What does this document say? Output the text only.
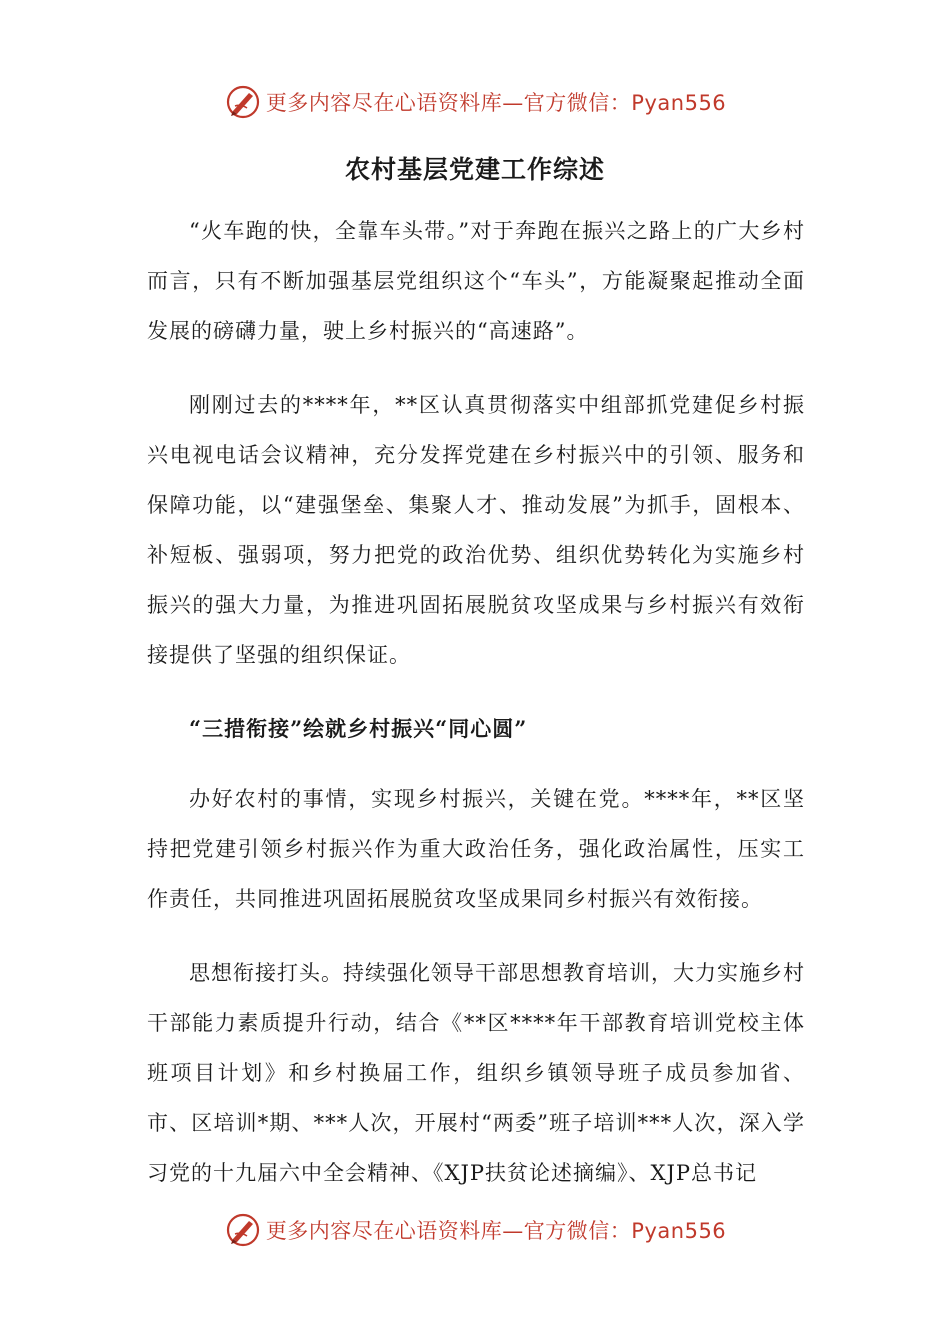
更多内容尽在心语资料库—官方微信：Pyan556
农村基层党建工作综述

“火车跑的快，全靠车头带。”对于奔跑在振兴之路上的广大乡村而言，只有不断加强基层党组织这个“车头”，方能凝聚起推动全面发展的磅礴力量，驶上乡村振兴的“高速路”。

刚刚过去的****年，**区认真贯彻落实中组部抓党建促乡村振兴电视电话会议精神，充分发挥党建在乡村振兴中的引领、服务和保障功能，以“建强堡垒、集聚人才、推动发展”为抓手，固根本、补短板、强弱项，努力把党的政治优势、组织优势转化为实施乡村振兴的强大力量，为推进巩固拓展脱贫攻坚成果与乡村振兴有效衔接提供了坚强的组织保证。

“三措衔接”绘就乡村振兴“同心圆”

办好农村的事情，实现乡村振兴，关键在党。****年，**区坚持把党建引领乡村振兴作为重大政治任务，强化政治属性，压实工作责任，共同推进巩固拓展脱贫攻坚成果同乡村振兴有效衔接。

思想衔接打头。持续强化领导干部思想教育培训，大力实施乡村干部能力素质提升行动，结合《**区****年干部教育培训党校主体班项目计划》和乡村换届工作，组织乡镇领导班子成员参加省、市、区培训*期、***人次，开展村“两委”班子培训***人次，深入学习党的十九届六中全会精神、《XJP扶贫论述摘编》、XJP总书记

更多内容尽在心语资料库—官方微信：Pyan556
